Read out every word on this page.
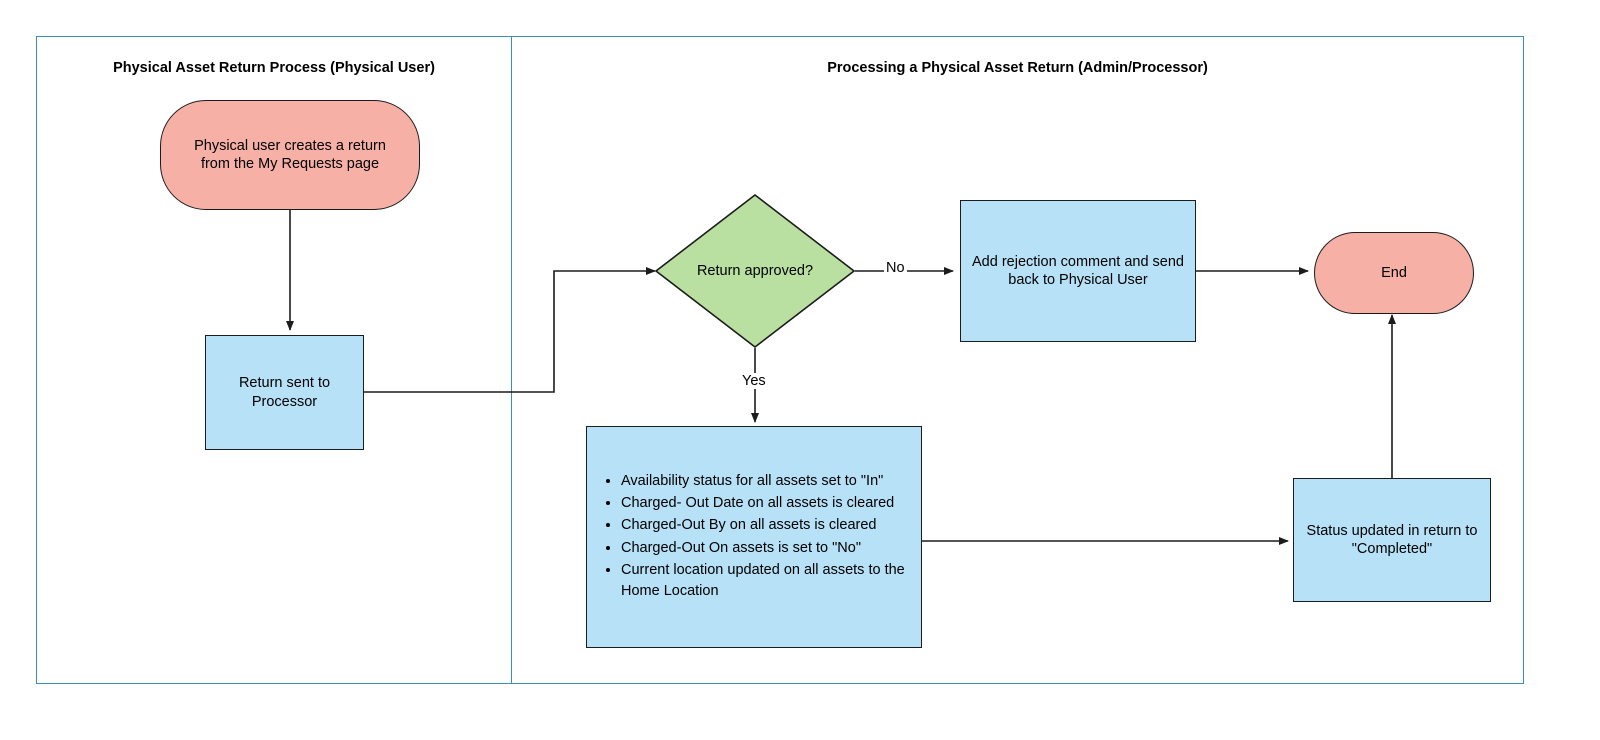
Physical Asset Return Process (Physical User)	Processing a Physical Asset Return (Admin/Processor)
Physical user creates a return from the My Requests page
Return sent to Processor
Return approved?
Add rejection comment and send back to Physical User	End
Status updated in return to "Completed"
• Availability status for all assets set to "In"
• Charged- Out Date on all assets is cleared
• Charged-Out By on all assets is cleared
• Charged-Out On assets is set to "No"
• Current location updated on all assets to the Home Location
No
Yes
